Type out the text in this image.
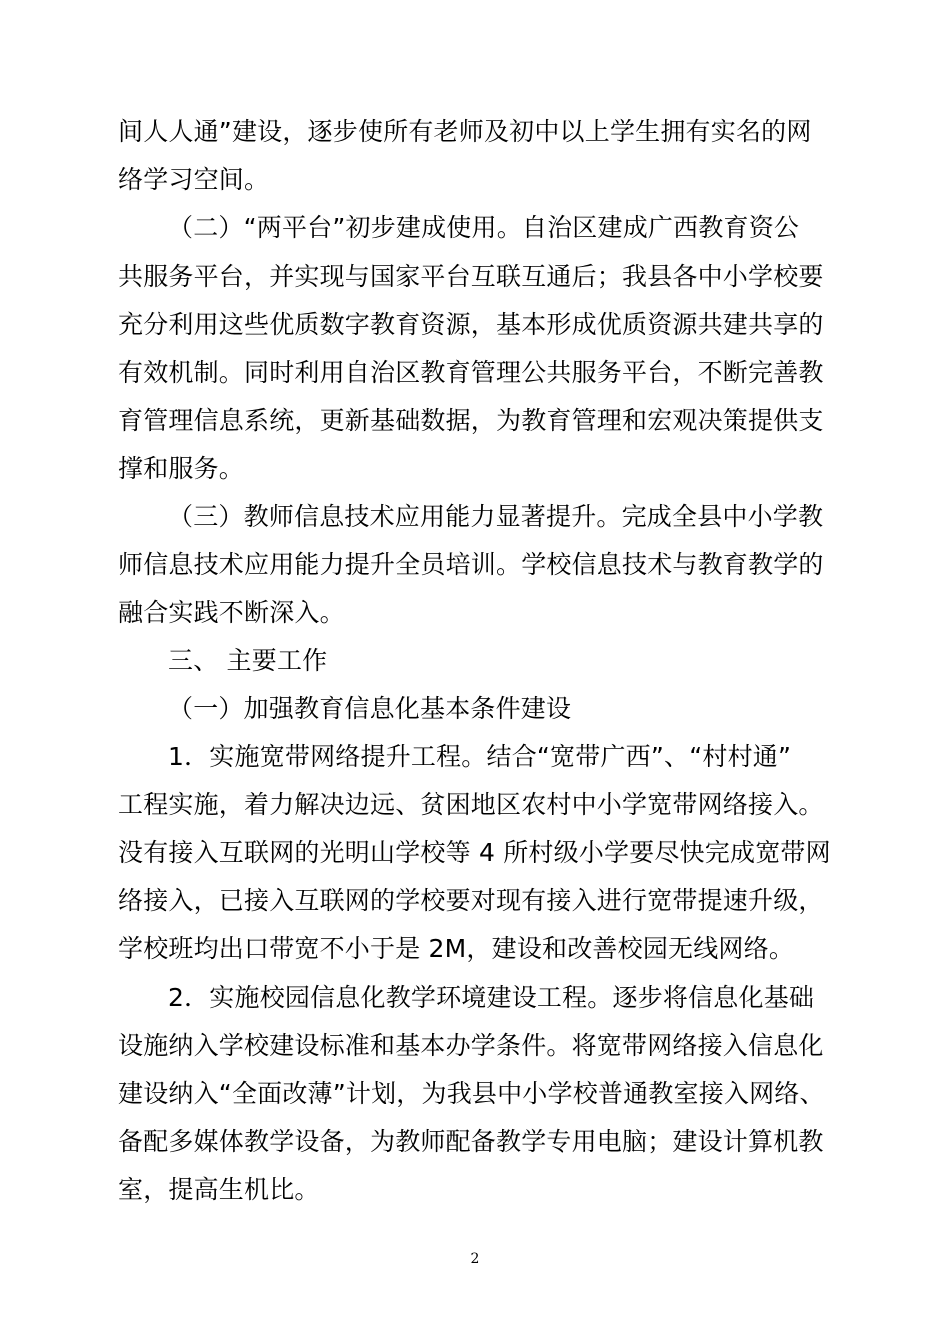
间人人通”建设，逐步使所有老师及初中以上学生拥有实名的网
络学习空间。
（二）“两平台”初步建成使用。自治区建成广西教育资公
共服务平台，并实现与国家平台互联互通后；我县各中小学校要
充分利用这些优质数字教育资源，基本形成优质资源共建共享的
有效机制。同时利用自治区教育管理公共服务平台，不断完善教
育管理信息系统，更新基础数据，为教育管理和宏观决策提供支
撑和服务。
（三）教师信息技术应用能力显著提升。完成全县中小学教
师信息技术应用能力提升全员培训。学校信息技术与教育教学的
融合实践不断深入。
三、 主要工作
（一）加强教育信息化基本条件建设
1．实施宽带网络提升工程。结合“宽带广西”、“村村通”
工程实施，着力解决边远、贫困地区农村中小学宽带网络接入。
没有接入互联网的光明山学校等 4 所村级小学要尽快完成宽带网
络接入，已接入互联网的学校要对现有接入进行宽带提速升级，
学校班均出口带宽不小于是 2M，建设和改善校园无线网络。
2．实施校园信息化教学环境建设工程。逐步将信息化基础
设施纳入学校建设标准和基本办学条件。将宽带网络接入信息化
建设纳入“全面改薄”计划，为我县中小学校普通教室接入网络、
备配多媒体教学设备，为教师配备教学专用电脑；建设计算机教
室，提高生机比。
2
